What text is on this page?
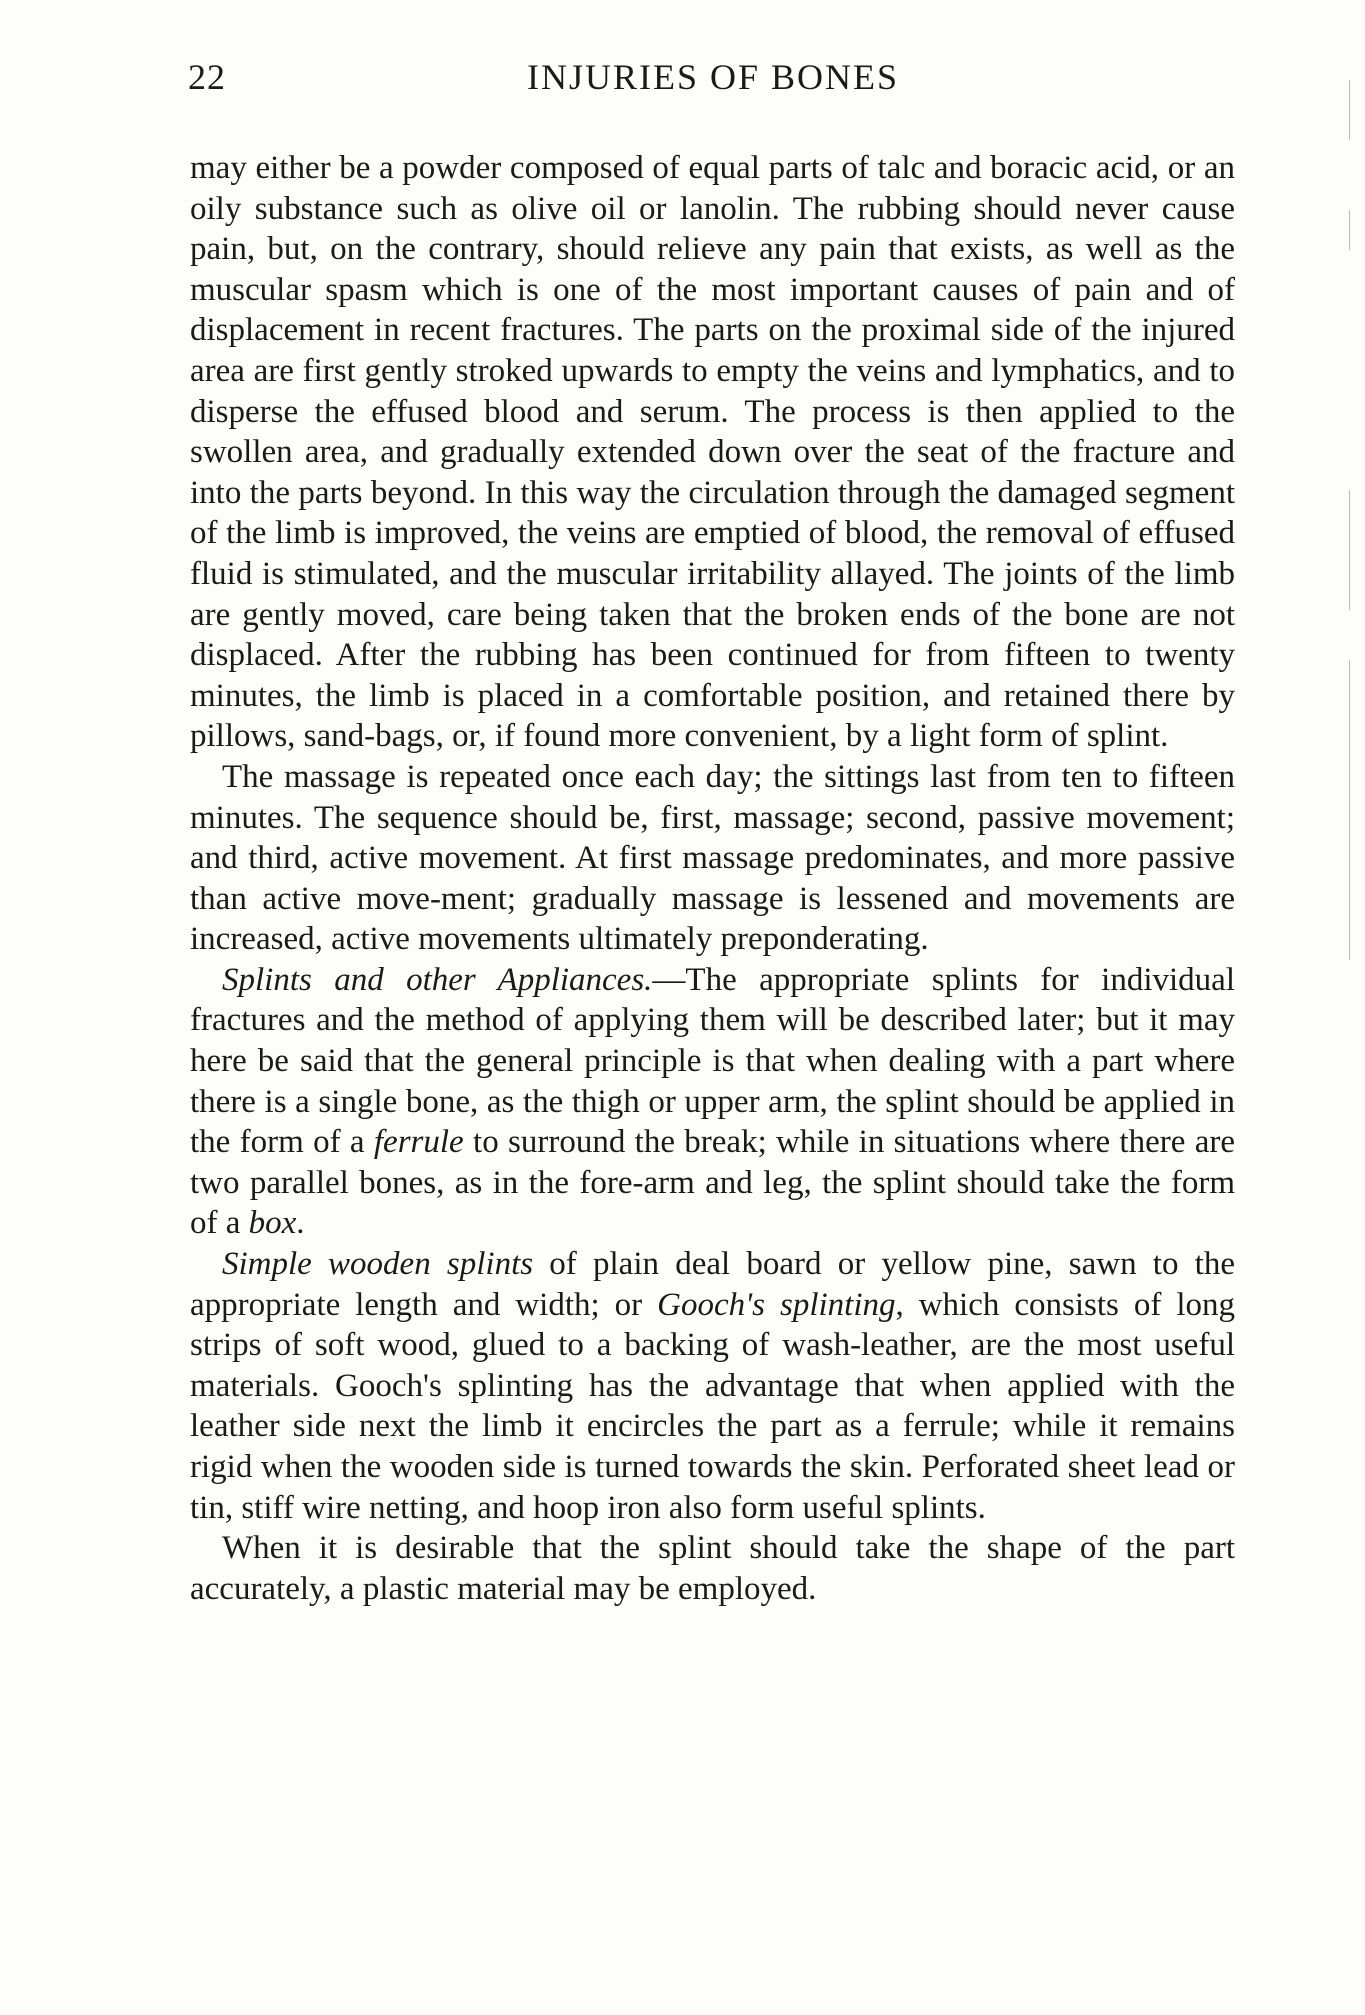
22	INJURIES OF BONES

may either be a powder composed of equal parts of talc and boracic acid, or an oily substance such as olive oil or lanolin. The rubbing should never cause pain, but, on the contrary, should relieve any pain that exists, as well as the muscular spasm which is one of the most important causes of pain and of displacement in recent fractures. The parts on the proximal side of the injured area are first gently stroked upwards to empty the veins and lymphatics, and to disperse the effused blood and serum. The process is then applied to the swollen area, and gradually extended down over the seat of the fracture and into the parts beyond. In this way the circulation through the damaged segment of the limb is improved, the veins are emptied of blood, the removal of effused fluid is stimulated, and the muscular irritability allayed. The joints of the limb are gently moved, care being taken that the broken ends of the bone are not displaced. After the rubbing has been continued for from fifteen to twenty minutes, the limb is placed in a comfortable position, and retained there by pillows, sand-bags, or, if found more convenient, by a light form of splint.

The massage is repeated once each day; the sittings last from ten to fifteen minutes. The sequence should be, first, massage; second, passive movement; and third, active movement. At first massage predominates, and more passive than active move-ment; gradually massage is lessened and movements are increased, active movements ultimately preponderating.

Splints and other Appliances.—The appropriate splints for individual fractures and the method of applying them will be described later; but it may here be said that the general principle is that when dealing with a part where there is a single bone, as the thigh or upper arm, the splint should be applied in the form of a ferrule to surround the break; while in situations where there are two parallel bones, as in the fore-arm and leg, the splint should take the form of a box.

Simple wooden splints of plain deal board or yellow pine, sawn to the appropriate length and width; or Gooch's splinting, which consists of long strips of soft wood, glued to a backing of wash-leather, are the most useful materials. Gooch's splinting has the advantage that when applied with the leather side next the limb it encircles the part as a ferrule; while it remains rigid when the wooden side is turned towards the skin. Perforated sheet lead or tin, stiff wire netting, and hoop iron also form useful splints.

When it is desirable that the splint should take the shape of the part accurately, a plastic material may be employed.
